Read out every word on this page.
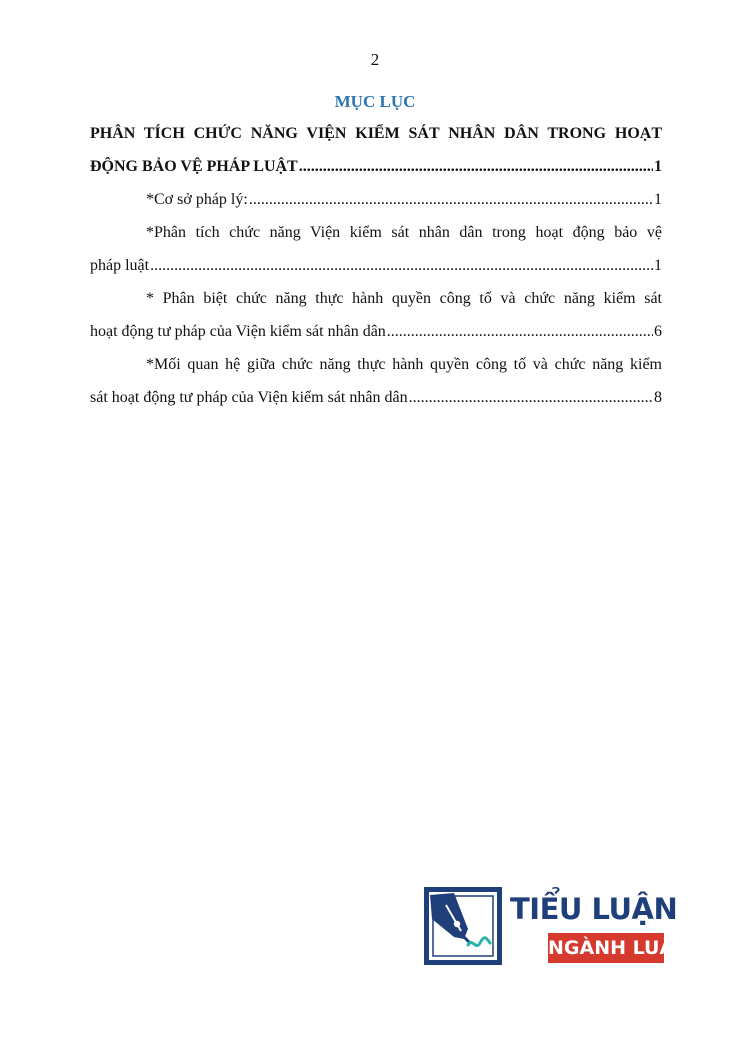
2
MỤC LỤC
PHÂN TÍCH CHỨC NĂNG VIỆN KIỂM SÁT NHÂN DÂN TRONG HOẠT
ĐỘNG BẢO VỆ PHÁP LUẬT .....	1
*Cơ sở pháp lý: .....	1
*Phân tích chức năng Viện kiểm sát nhân dân trong hoạt động bảo vệ
pháp luật .....	1
* Phân biệt chức năng thực hành quyền công tố và chức năng kiểm sát
hoạt động tư pháp của Viện kiểm sát nhân dân .....	6
*Mối quan hệ giữa chức năng thực hành quyền công tố và chức năng kiểm
sát hoạt động tư pháp của Viện kiểm sát nhân dân .....	8
TIỂU LUẬN
NGÀNH LUẬT
